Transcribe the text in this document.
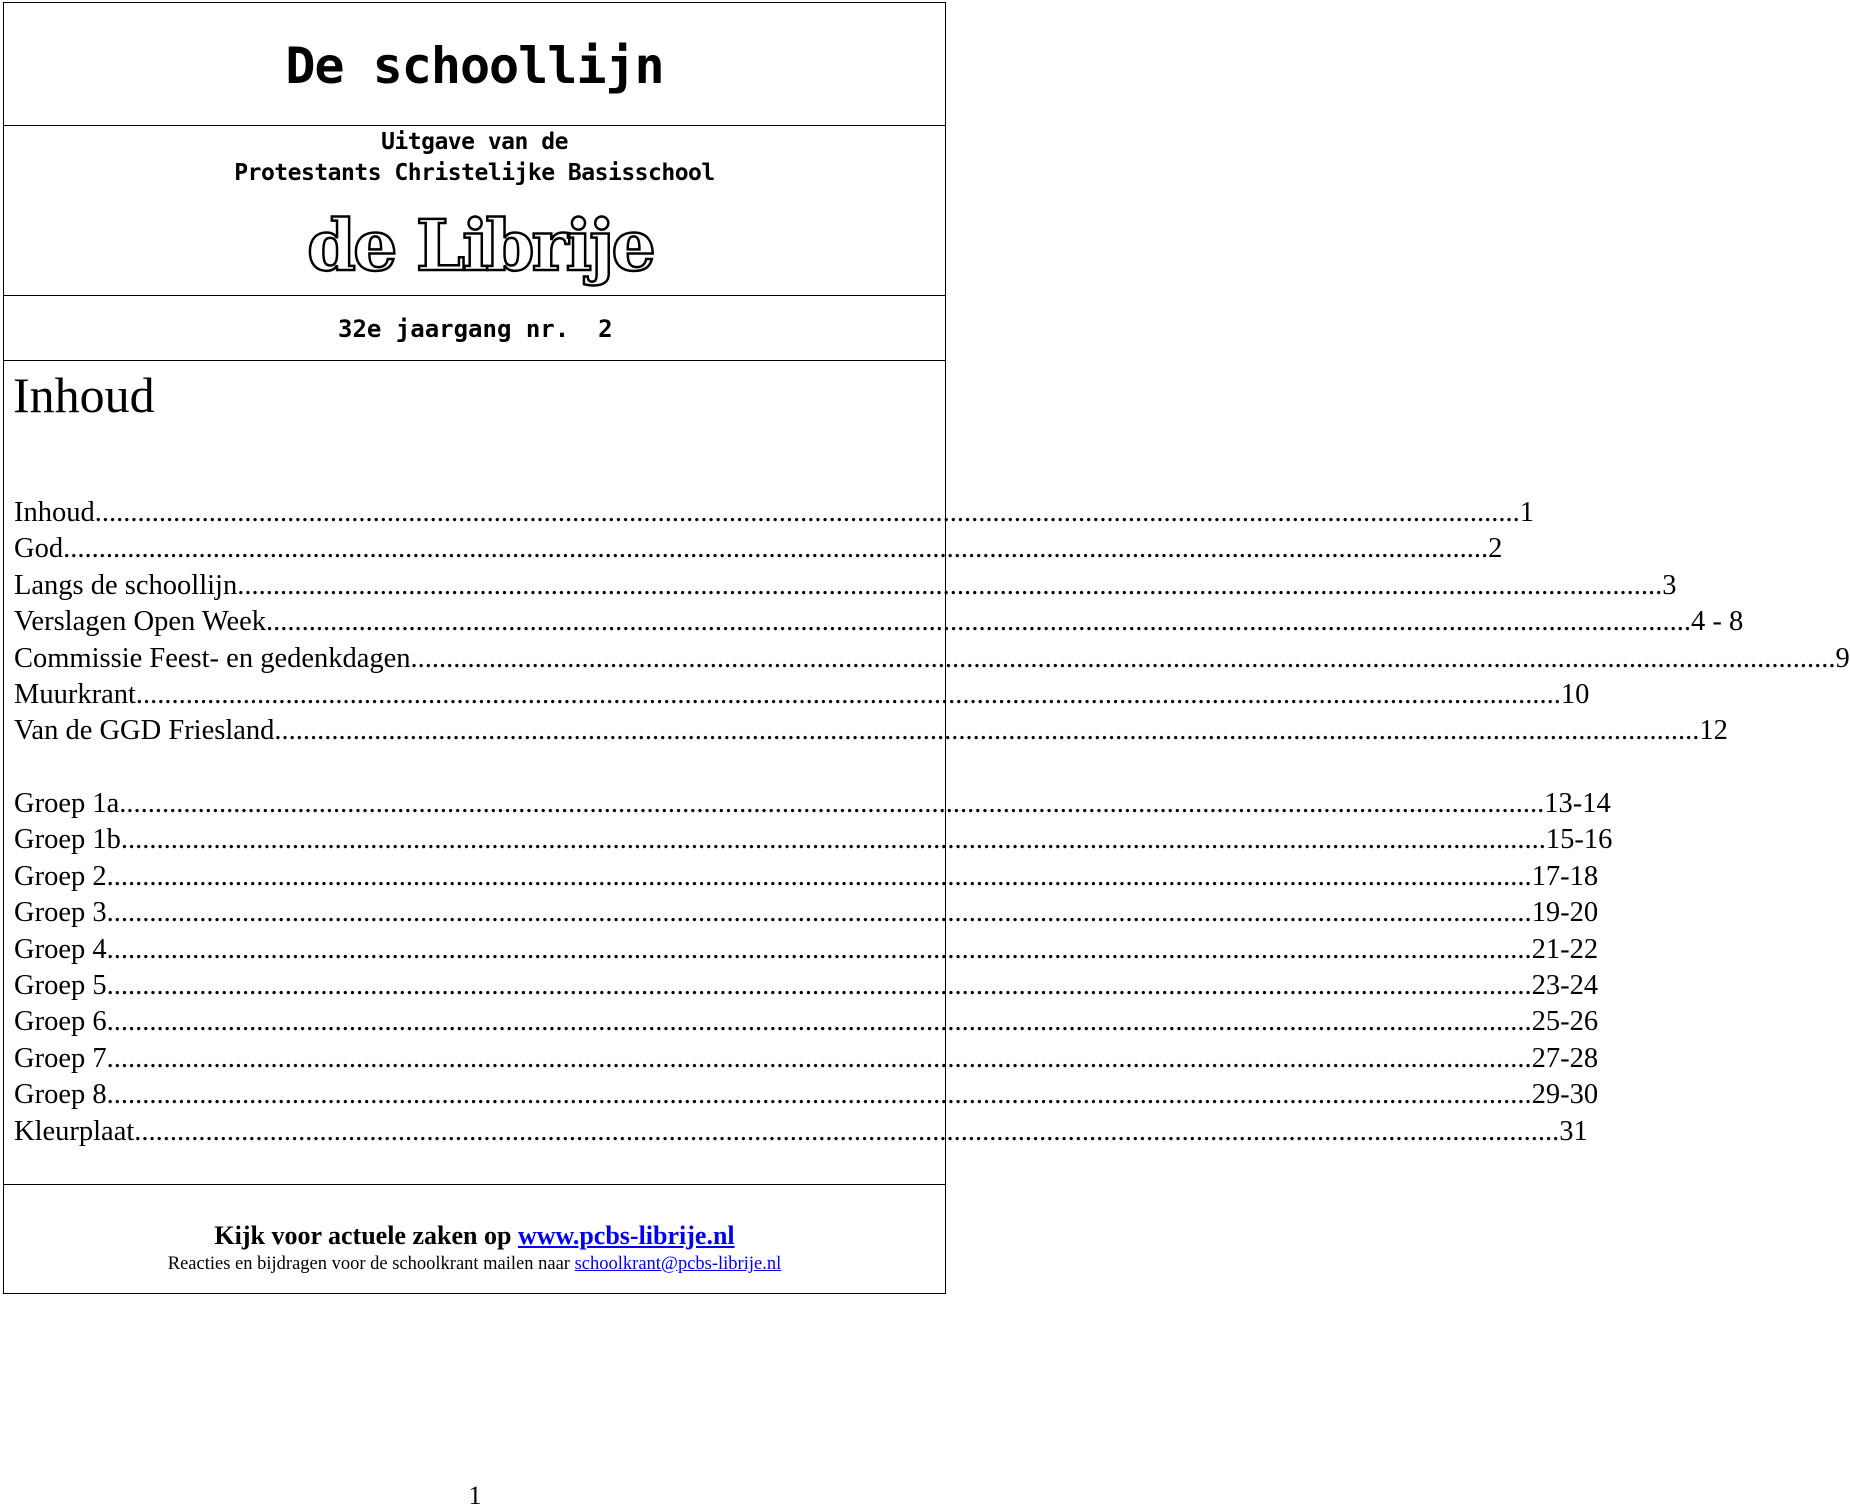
De schoollijn
Uitgave van de
Protestants Christelijke Basisschool
de Librije
32e jaargang nr.  2
Inhoud
Inhoud ........................................................................................................................................................................................................ 1
God ........................................................................................................................................................................................................ 2
Langs de schoollijn ........................................................................................................................................................................................................ 3
Verslagen Open Week ........................................................................................................................................................................................................ 4 - 8
Commissie Feest- en gedenkdagen ........................................................................................................................................................................................................ 9
Muurkrant ........................................................................................................................................................................................................ 10
Van de GGD Friesland ........................................................................................................................................................................................................ 12
Groep 1a ........................................................................................................................................................................................................ 13-14
Groep 1b ........................................................................................................................................................................................................ 15-16
Groep 2 ........................................................................................................................................................................................................ 17-18
Groep 3 ........................................................................................................................................................................................................ 19-20
Groep 4 ........................................................................................................................................................................................................ 21-22
Groep 5 ........................................................................................................................................................................................................ 23-24
Groep 6 ........................................................................................................................................................................................................ 25-26
Groep 7 ........................................................................................................................................................................................................ 27-28
Groep 8 ........................................................................................................................................................................................................ 29-30
Kleurplaat ........................................................................................................................................................................................................ 31
Kijk voor actuele zaken op www.pcbs-librije.nl
Reacties en bijdragen voor de schoolkrant mailen naar schoolkrant@pcbs-librije.nl
1
